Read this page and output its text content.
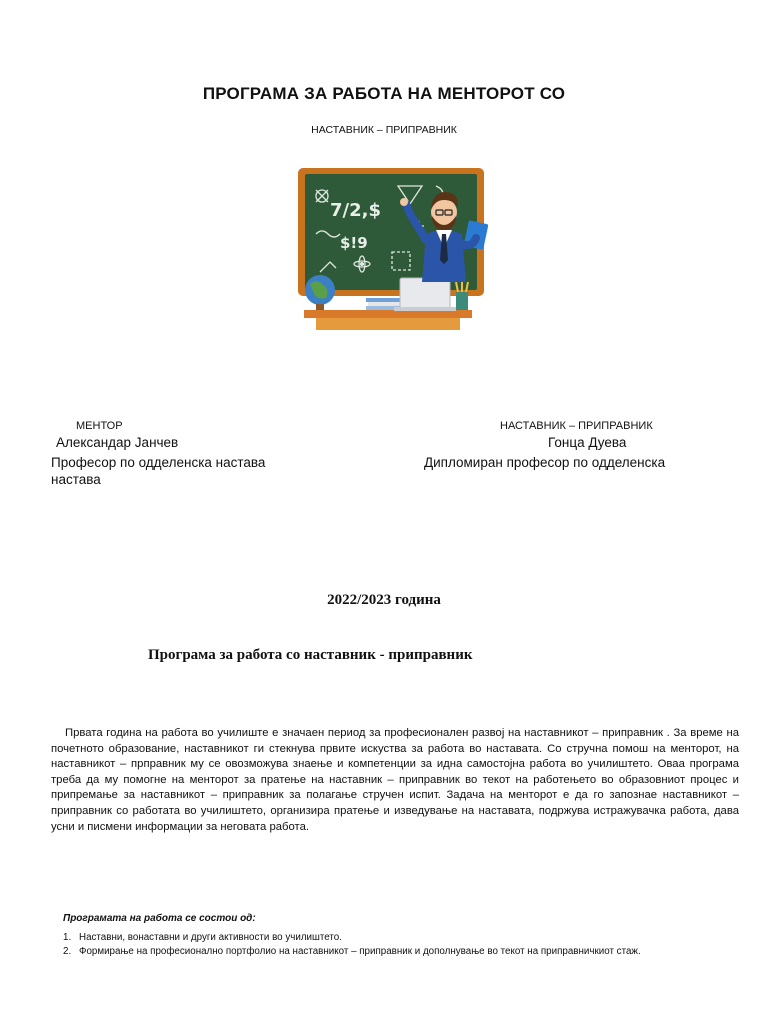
ПРОГРАМА ЗА РАБОТА НА МЕНТОРОТ СО
НАСТАВНИК – ПРИПРАВНИК
7/2,$
$!9
МЕНТОР
Александар Јанчев
Професор по одделенска настава
настава
НАСТАВНИК – ПРИПРАВНИК
Гонца Дуева
Дипломиран професор по одделенска
2022/2023 година
Програма за работа со наставник - приправник

Првата година на работа во училиште е значаен период за професионален развој на наставникот – приправник . За време на почетното образование, наставникот ги стекнува првите искуства за работа во наставата. Со стручна помош на менторот, на наставникот – прправник му се овозможува знаење и компетенции за идна самостојна работа во училиштето. Оваа програма треба да му помогне на менторот за пратење на наставник – приправник во текот на работењето во образовниот процес и припремање за наставникот – приправник за полагање стручен испит. Задача на менторот е да го запознае наставникот – приправник со работата во училиштето, организира пратење и изведување на наставата, подржува истражувачка работа, дава усни и писмени информации за неговата работа.

Програмата на работа се состои од:
1. Наставни, вонаставни и други активности во училиштето.
2. Формирање на професионално портфолио на наставникот – приправник и дополнување во текот на приправничкиот стаж.
